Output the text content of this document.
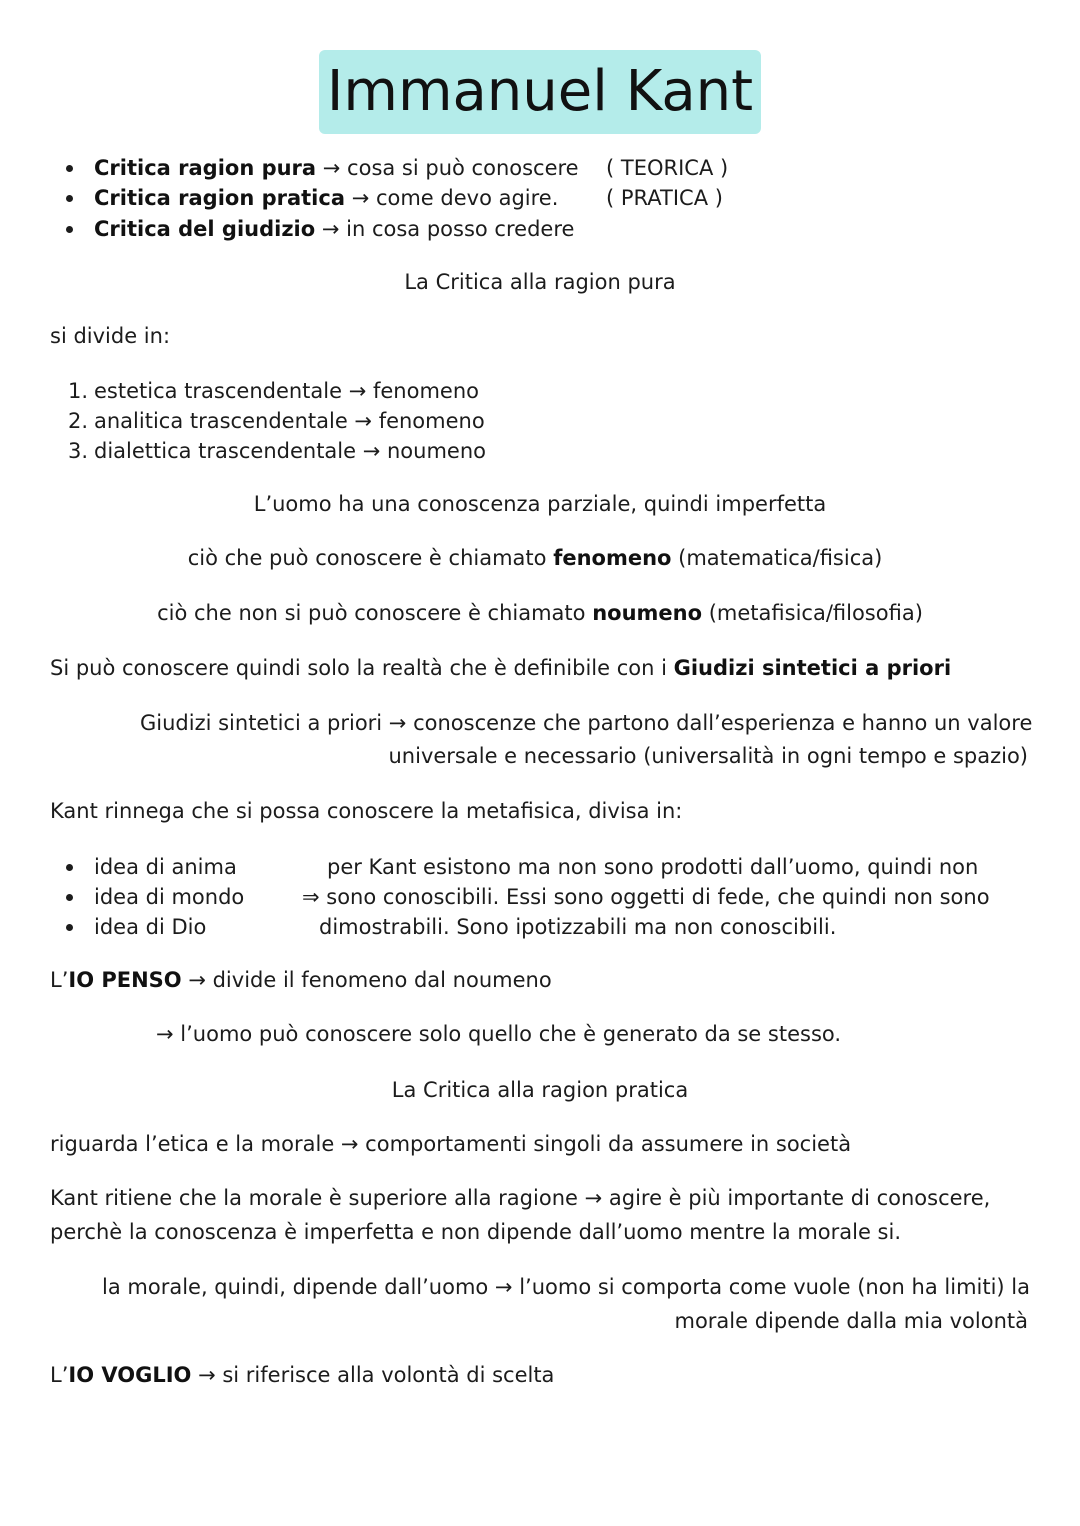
Immanuel Kant
Critica ragion pura → cosa si può conoscere ( TEORICA )
Critica ragion pratica → come devo agire. ( PRATICA )
Critica del giudizio → in cosa posso credere
La Critica alla ragion pura
si divide in:
1. estetica trascendentale → fenomeno
2. analitica trascendentale → fenomeno
3. dialettica trascendentale → noumeno
L’uomo ha una conoscenza parziale, quindi imperfetta
ciò che può conoscere è chiamato fenomeno (matematica/fisica)
ciò che non si può conoscere è chiamato noumeno (metafisica/filosofia)
Si può conoscere quindi solo la realtà che è definibile con i Giudizi sintetici a priori
Giudizi sintetici a priori → conoscenze che partono dall’esperienza e hanno un valore
universale e necessario (universalità in ogni tempo e spazio)
Kant rinnega che si possa conoscere la metafisica, divisa in:
idea di anima
idea di mondo
idea di Dio
per Kant esistono ma non sono prodotti dall’uomo, quindi non
⇒ sono conoscibili. Essi sono oggetti di fede, che quindi non sono
dimostrabili. Sono ipotizzabili ma non conoscibili.
L’IO PENSO → divide il fenomeno dal noumeno
→ l’uomo può conoscere solo quello che è generato da se stesso.
La Critica alla ragion pratica
riguarda l’etica e la morale → comportamenti singoli da assumere in società
Kant ritiene che la morale è superiore alla ragione → agire è più importante di conoscere,
perchè la conoscenza è imperfetta e non dipende dall’uomo mentre la morale si.
la morale, quindi, dipende dall’uomo → l’uomo si comporta come vuole (non ha limiti) la
morale dipende dalla mia volontà
L’IO VOGLIO → si riferisce alla volontà di scelta
